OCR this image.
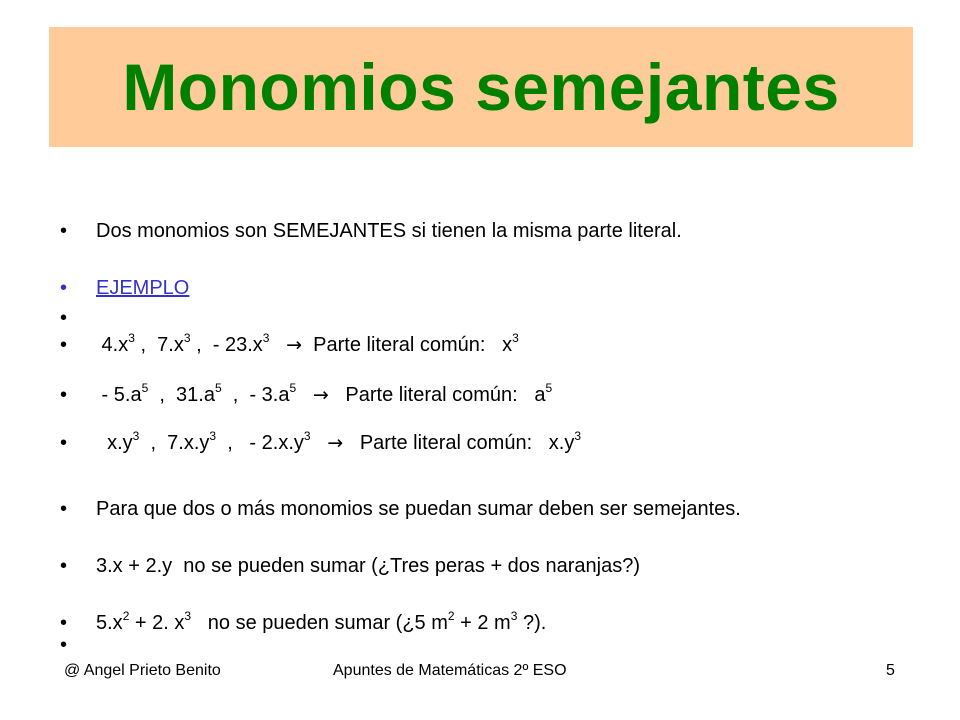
Monomios semejantes
•	Dos monomios son SEMEJANTES si tienen la misma parte literal.
•	EJEMPLO
•
•	$4.x^3$ ,  $7.x^3$ ,  - $23.x^3$ →  Parte literal común:   $x^3$
•	- $5.a^5$  ,  $31.a^5$  ,  - $3.a^5$ →   Parte literal común:   $a^5$
•	$x.y^3$  ,  $7.x.y^3$  ,   - $2.x.y^3$ →   Parte literal común:   $x.y^3$
•	Para que dos o más monomios se puedan sumar deben ser semejantes.
•	3.x + 2.y  no se pueden sumar (¿Tres peras + dos naranjas?)
•	$5.x^2 + 2$. $x^3$   no se pueden sumar (¿5 $m^2 + 2$ $m^3$ ?).
•
@ Angel Prieto Benito	Apuntes de Matemáticas 2º ESO	5
